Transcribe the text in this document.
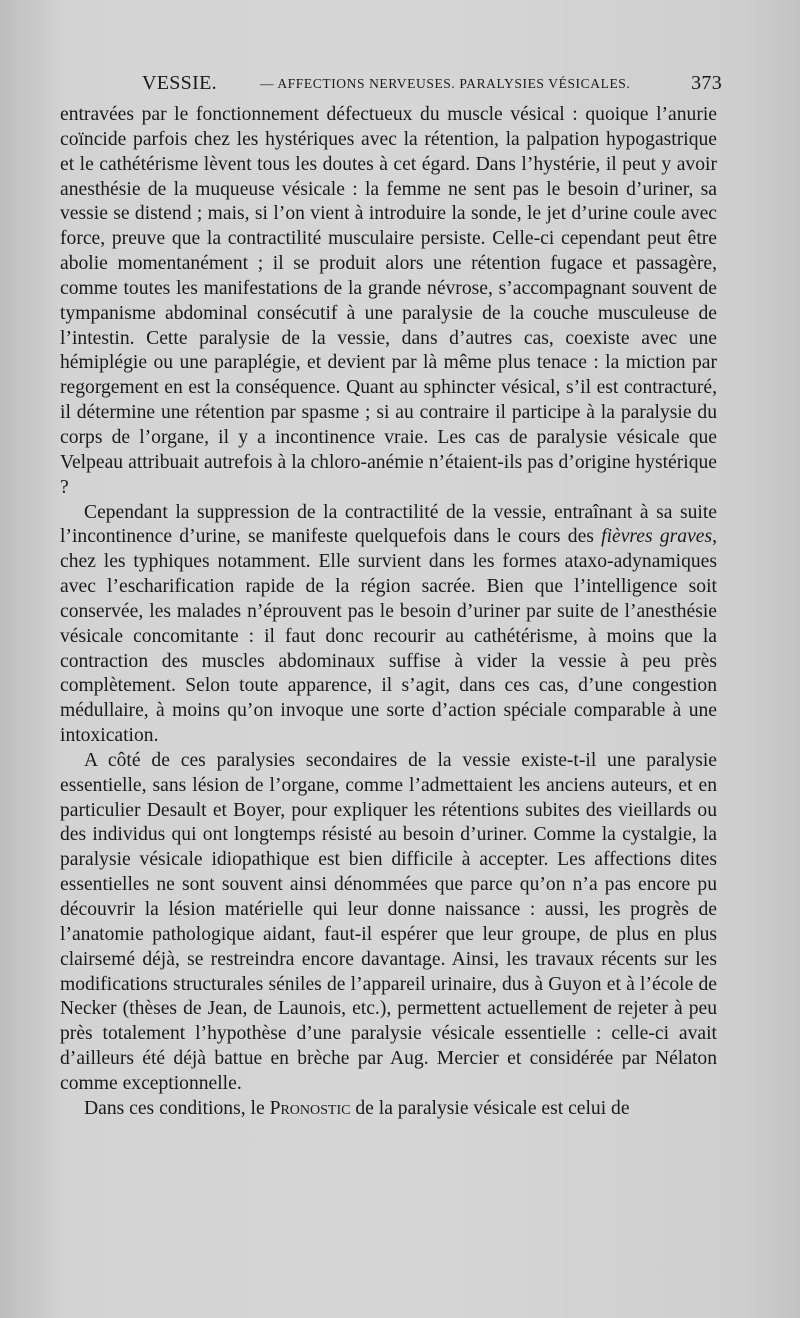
VESSIE.	— AFFECTIONS NERVEUSES. PARALYSIES VÉSICALES.	373

entravées par le fonctionnement défectueux du muscle vésical : quoique l’anurie coïncide parfois chez les hystériques avec la rétention, la palpation hypogastrique et le cathétérisme lèvent tous les doutes à cet égard. Dans l’hystérie, il peut y avoir anesthésie de la muqueuse vésicale : la femme ne sent pas le besoin d’uriner, sa vessie se distend ; mais, si l’on vient à introduire la sonde, le jet d’urine coule avec force, preuve que la contractilité musculaire persiste. Celle-ci cependant peut être abolie momentanément ; il se produit alors une rétention fugace et passagère, comme toutes les manifestations de la grande névrose, s’accompagnant souvent de tympanisme abdominal consécutif à une paralysie de la couche musculeuse de l’intestin. Cette paralysie de la vessie, dans d’autres cas, coexiste avec une hémiplégie ou une paraplégie, et devient par là même plus tenace : la miction par regorgement en est la conséquence. Quant au sphincter vésical, s’il est contracturé, il détermine une rétention par spasme ; si au contraire il participe à la paralysie du corps de l’organe, il y a incontinence vraie. Les cas de paralysie vésicale que Velpeau attribuait autrefois à la chloro-anémie n’étaient-ils pas d’origine hystérique ?

Cependant la suppression de la contractilité de la vessie, entraînant à sa suite l’incontinence d’urine, se manifeste quelquefois dans le cours des fièvres graves, chez les typhiques notamment. Elle survient dans les formes ataxo-adynamiques avec l’escharification rapide de la région sacrée. Bien que l’intelligence soit conservée, les malades n’éprouvent pas le besoin d’uriner par suite de l’anesthésie vésicale concomitante : il faut donc recourir au cathétérisme, à moins que la contraction des muscles abdominaux suffise à vider la vessie à peu près complètement. Selon toute apparence, il s’agit, dans ces cas, d’une congestion médullaire, à moins qu’on invoque une sorte d’action spéciale comparable à une intoxication.

A côté de ces paralysies secondaires de la vessie existe-t-il une paralysie essentielle, sans lésion de l’organe, comme l’admettaient les anciens auteurs, et en particulier Desault et Boyer, pour expliquer les rétentions subites des vieillards ou des individus qui ont longtemps résisté au besoin d’uriner. Comme la cystalgie, la paralysie vésicale idiopathique est bien difficile à accepter. Les affections dites essentielles ne sont souvent ainsi dénommées que parce qu’on n’a pas encore pu découvrir la lésion matérielle qui leur donne naissance : aussi, les progrès de l’anatomie pathologique aidant, faut-il espérer que leur groupe, de plus en plus clairsemé déjà, se restreindra encore davantage. Ainsi, les travaux récents sur les modifications structurales séniles de l’appareil urinaire, dus à Guyon et à l’école de Necker (thèses de Jean, de Launois, etc.), permettent actuellement de rejeter à peu près totalement l’hypothèse d’une paralysie vésicale essentielle : celle-ci avait d’ailleurs été déjà battue en brèche par Aug. Mercier et considérée par Nélaton comme exceptionnelle.

Dans ces conditions, le Pronostic de la paralysie vésicale est celui de
